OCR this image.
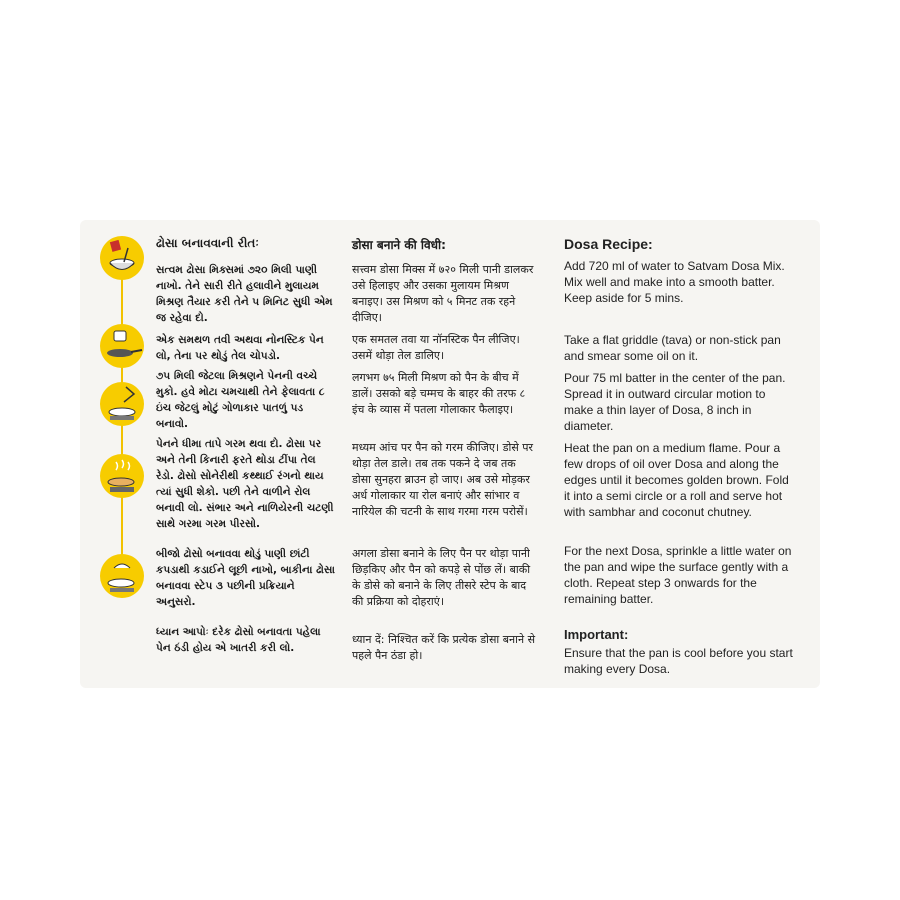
ઢોસા બનાવવાની રીતઃ

સત્વમ ઢોસા મિક્સમાં ૭૨૦ મિલી પાણી નાખો. તેને સારી રીતે હલાવીને મુલાયમ મિશ્રણ તૈયાર કરી તેને ૫ મિનિટ સુધી એમ જ રહેવા દો.

એક સમથળ તવી અથવા નોનસ્ટિક પેન લો, તેના પર થોડું તેલ ચોપડો.

૭૫ મિલી જેટલા મિશ્રણને પેનની વચ્ચે મુકો. હવે મોટા ચમચાથી તેને ફેલાવતા ૮ ઇંચ જેટલું મોટું ગોળાકાર પાતળું પડ બનાવો.

પેનને ધીમા તાપે ગરમ થવા દો. ઢોસા પર અને તેની કિનારી ફરતે થોડા ટીંપા તેલ રેડો. ઢોસો સોનેરીથી કથ્થાઈ રંગનો થાય ત્યાં સુધી શેકો. પછી તેને વાળીને રોલ બનાવી લો. સંભાર અને નાળિયેરની ચટણી સાથે ગરમા ગરમ પીરસો.

બીજો ઢોસો બનાવવા થોડું પાણી છાંટી કપડાથી કડાઈને લૂછી નાખો, બાકીના ઢોસા બનાવવા સ્ટેપ ૩ પછીની પ્રક્રિયાને અનુસરો.

ધ્યાન આપોઃ દરેક ઢોસો બનાવતા પહેલા પેન ઠંડી હોય એ ખાતરી કરી લો.

डोसा बनाने की विधी:

सत्त्वम डोसा मिक्स में ७२० मिली पानी डालकर उसे हिलाइए और उसका मुलायम मिश्रण बनाइए। उस मिश्रण को ५ मिनट तक रहने दीजिए।

एक समतल तवा या नॉनस्टिक पैन लीजिए। उसमें थोड़ा तेल डालिए।

लगभग ७५ मिली मिश्रण को पैन के बीच में डालें। उसको बड़े चम्मच के बाहर की तरफ ८ इंच के व्यास में पतला गोलाकार फैलाइए।

मध्यम आंच पर पैन को गरम कीजिए। डोसे पर थोड़ा तेल डाले। तब तक पकने दे जब तक डोसा सुनहरा ब्राउन हो जाए। अब उसे मोड़कर अर्ध गोलाकार या रोल बनाएं और सांभार व नारियेल की चटनी के साथ गरमा गरम परोसें।

अगला डोसा बनाने के लिए पैन पर थोड़ा पानी छिड़किए और पैन को कपड़े से पोंछ लें। बाकी के डोसे को बनाने के लिए तीसरे स्टेप के बाद की प्रक्रिया को दोहराएं।

ध्यान दें: निश्चित करें कि प्रत्येक डोसा बनाने से पहले पैन ठंडा हो।

Dosa Recipe:

Add 720 ml of water to Satvam Dosa Mix. Mix well and make into a smooth batter. Keep aside for 5 mins.

Take a flat griddle (tava) or non-stick pan and smear some oil on it.

Pour 75 ml batter in the center of the pan. Spread it in outward circular motion to make a thin layer of Dosa, 8 inch in diameter.

Heat the pan on a medium flame. Pour a few drops of oil over Dosa and along the edges until it becomes golden brown. Fold it into a semi circle or a roll and serve hot with sambhar and coconut chutney.

For the next Dosa, sprinkle a little water on the pan and wipe the surface gently with a cloth. Repeat step 3 onwards for the remaining batter.

Important:

Ensure that the pan is cool before you start making every Dosa.
